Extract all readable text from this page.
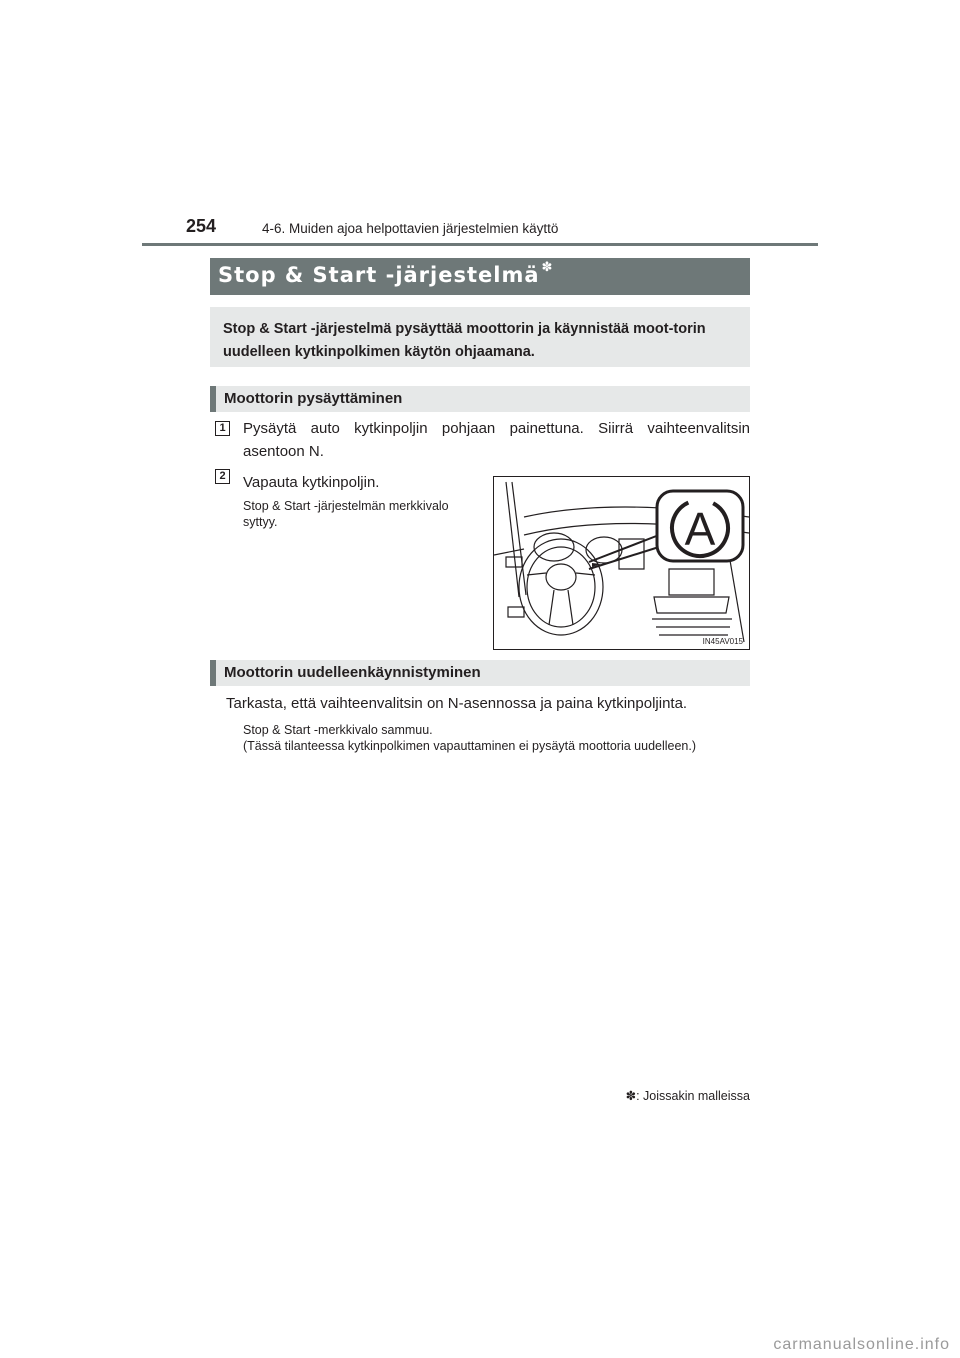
254	4-6. Muiden ajoa helpottavien järjestelmien käyttö
Stop & Start -järjestelmä ✽
Stop & Start -järjestelmä pysäyttää moottorin ja käynnistää moot-torin uudelleen kytkinpolkimen käytön ohjaamana.
Moottorin pysäyttäminen
1 Pysäytä auto kytkinpoljin pohjaan painettuna. Siirrä vaihteenvalitsin asentoon N.
2 Vapauta kytkinpoljin.
Stop & Start -järjestelmän merkkivalo syttyy.	A
IN45AV015
Moottorin uudelleenkäynnistyminen
Tarkasta, että vaihteenvalitsin on N-asennossa ja paina kytkinpoljinta.
Stop & Start -merkkivalo sammuu.
(Tässä tilanteessa kytkinpolkimen vapauttaminen ei pysäytä moottoria uudelleen.)
✽: Joissakin malleissa
carmanualsonline.info
